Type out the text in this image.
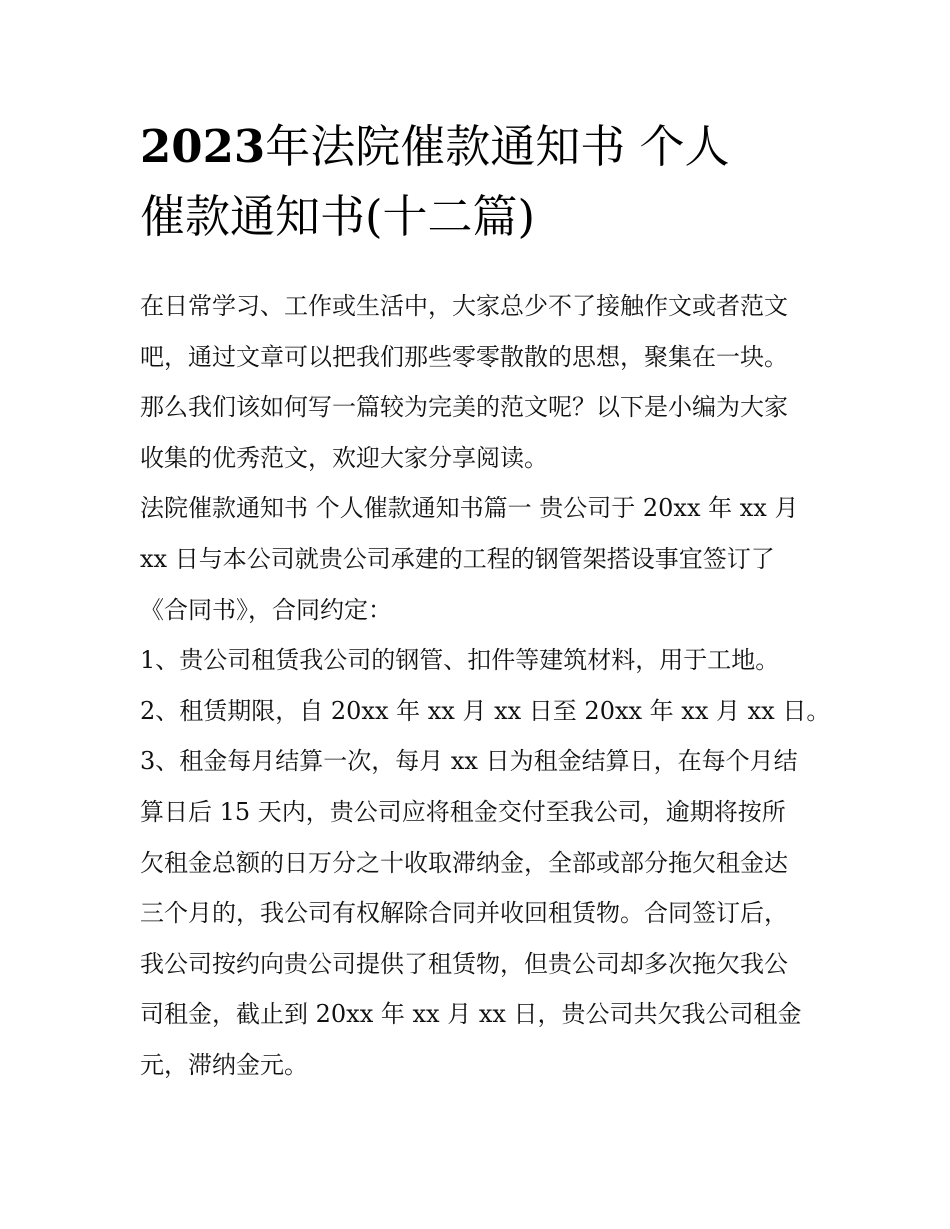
2023年法院催款通知书 个人
催款通知书(十二篇)

在日常学习、工作或生活中，大家总少不了接触作文或者范文

吧，通过文章可以把我们那些零零散散的思想，聚集在一块。

那么我们该如何写一篇较为完美的范文呢？以下是小编为大家

收集的优秀范文，欢迎大家分享阅读。

法院催款通知书 个人催款通知书篇一 贵公司于 20xx 年 xx 月

xx 日与本公司就贵公司承建的工程的钢管架搭设事宜签订了

《合同书》，合同约定：

1、贵公司租赁我公司的钢管、扣件等建筑材料，用于工地。

2、租赁期限，自 20xx 年 xx 月 xx 日至 20xx 年 xx 月 xx 日。

3、租金每月结算一次，每月 xx 日为租金结算日，在每个月结

算日后 15 天内，贵公司应将租金交付至我公司，逾期将按所

欠租金总额的日万分之十收取滞纳金，全部或部分拖欠租金达

三个月的，我公司有权解除合同并收回租赁物。合同签订后，

我公司按约向贵公司提供了租赁物，但贵公司却多次拖欠我公

司租金，截止到 20xx 年 xx 月 xx 日，贵公司共欠我公司租金

元，滞纳金元。
